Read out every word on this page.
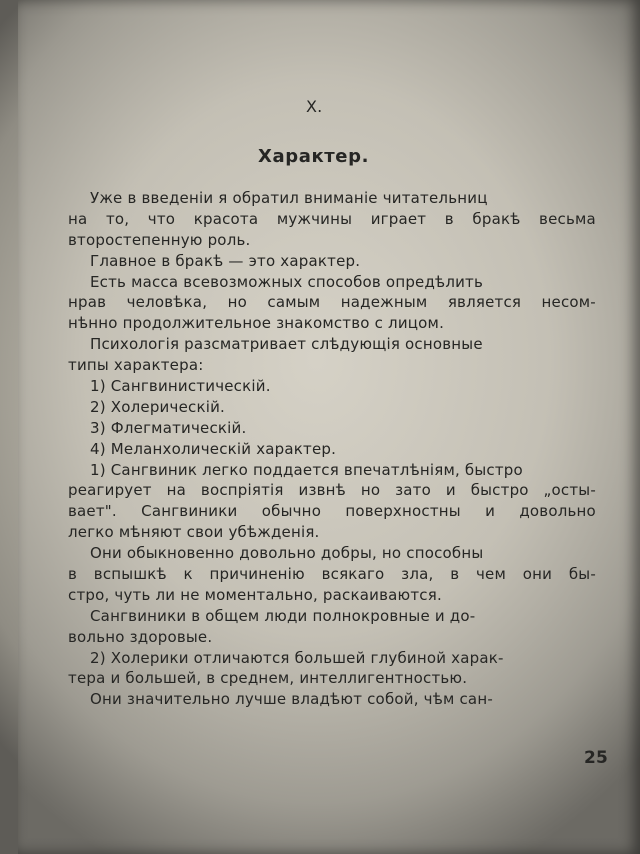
X.
Характер.
Уже в введенiи я обратил вниманiе читательниц
на то, что красота мужчины играет в бракѣ весьма
второстепенную роль.
Главное в бракѣ — это характер.
Есть масса всевозможных способов опредѣлить
нрав человѣка, но самым надежным является несом-
нѣнно продолжительное знакомство с лицом.
Психологiя разсматривает слѣдующiя основные
типы характера:
1) Сангвинистическiй.
2) Холерическiй.
3) Флегматическiй.
4) Меланхолическiй характер.
1) Сангвиник легко поддается впечатлѣнiям, быстро
реагирует на воспрiятiя извнѣ но зато и быстро „осты-
вает". Сангвиники обычно поверхностны и довольно
легко мѣняют свои убѣжденiя.
Они обыкновенно довольно добры, но способны
в вспышкѣ к причиненiю всякаго зла, в чем они бы-
стро, чуть ли не моментально, раскаиваются.
Сангвиники в общем люди полнокровные и до-
вольно здоровые.
2) Холерики отличаются большей глубиной харак-
тера и большей, в среднем, интеллигентностью.
Они значительно лучше владѣют собой, чѣм сан-
25
